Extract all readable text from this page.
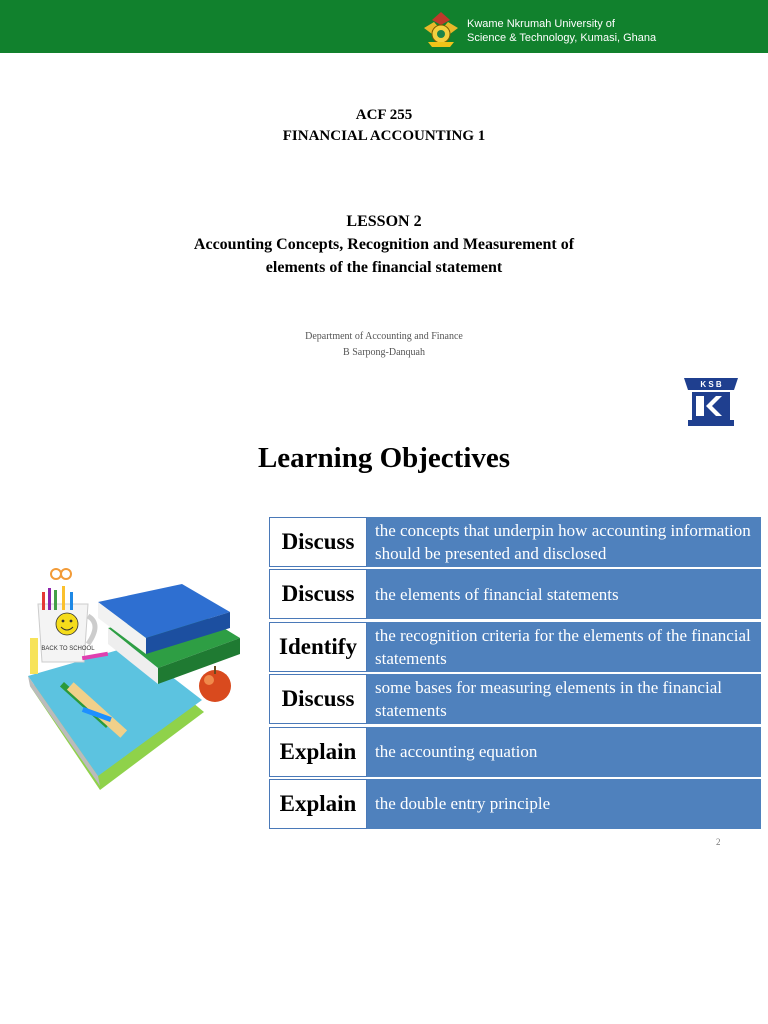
Kwame Nkrumah University of
Science & Technology, Kumasi, Ghana
ACF 255
FINANCIAL ACCOUNTING 1
LESSON 2
Accounting Concepts, Recognition and Measurement of
elements of the financial statement
Department of Accounting and Finance
B Sarpong-Danquah
K S B
Learning Objectives
BACK TO SCHOOL
Discuss	the concepts that underpin how accounting information should be presented and disclosed
Discuss	the elements of financial statements
Identify	the recognition criteria for the elements of the financial statements
Discuss	some bases for measuring elements in the financial statements
Explain	the accounting equation
Explain	the double entry principle
2
